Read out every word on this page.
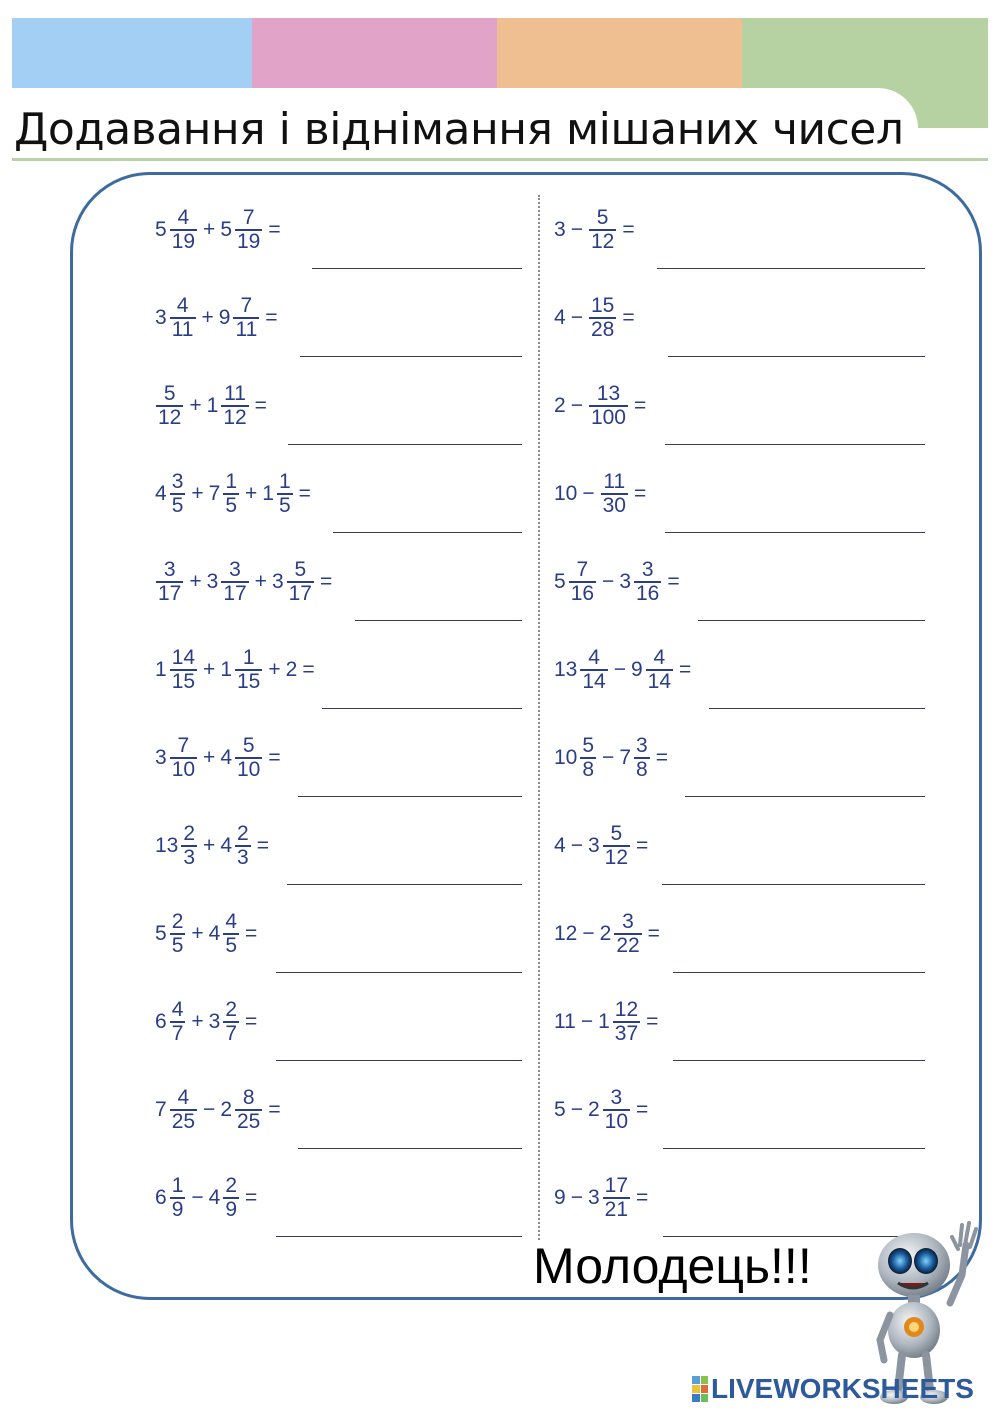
Додавання і віднімання мішаних чисел
$5 \frac{4}{19} + 5 \frac{7}{19}$ =
$3 \frac{4}{11} + 9 \frac{7}{11}$ =
$\frac{5}{12} + 1 \frac{11}{12}$ =
$4 \frac{3}{5} + 7 \frac{1}{5} + 1 \frac{1}{5}$ =
$\frac{3}{17} + 3 \frac{3}{17} + 3 \frac{5}{17}$ =
$1 \frac{14}{15} + 1 \frac{1}{15} + 2$ =
$3 \frac{7}{10} + 4 \frac{5}{10}$ =
$13 \frac{2}{3} + 4 \frac{2}{3}$ =
$5 \frac{2}{5} + 4 \frac{4}{5}$ =
$6 \frac{4}{7} + 3 \frac{2}{7}$ =
$7 \frac{4}{25} - 2 \frac{8}{25}$ =
$6 \frac{1}{9} - 4 \frac{2}{9}$ =
$3 - \frac{5}{12}$ =
$4 - \frac{15}{28}$ =
$2 - \frac{13}{100}$ =
$10 - \frac{11}{30}$ =
$5 \frac{7}{16} - 3 \frac{3}{16}$ =
$13 \frac{4}{14} - 9 \frac{4}{14}$ =
$10 \frac{5}{8} - 7 \frac{3}{8}$ =
$4 - 3 \frac{5}{12}$ =
$12 - 2 \frac{3}{22}$ =
$11 - 1 \frac{12}{37}$ =
$5 - 2 \frac{3}{10}$ =
$9 - 3 \frac{17}{21}$ =
Молодець!!!
LIVEWORKSHEETS
